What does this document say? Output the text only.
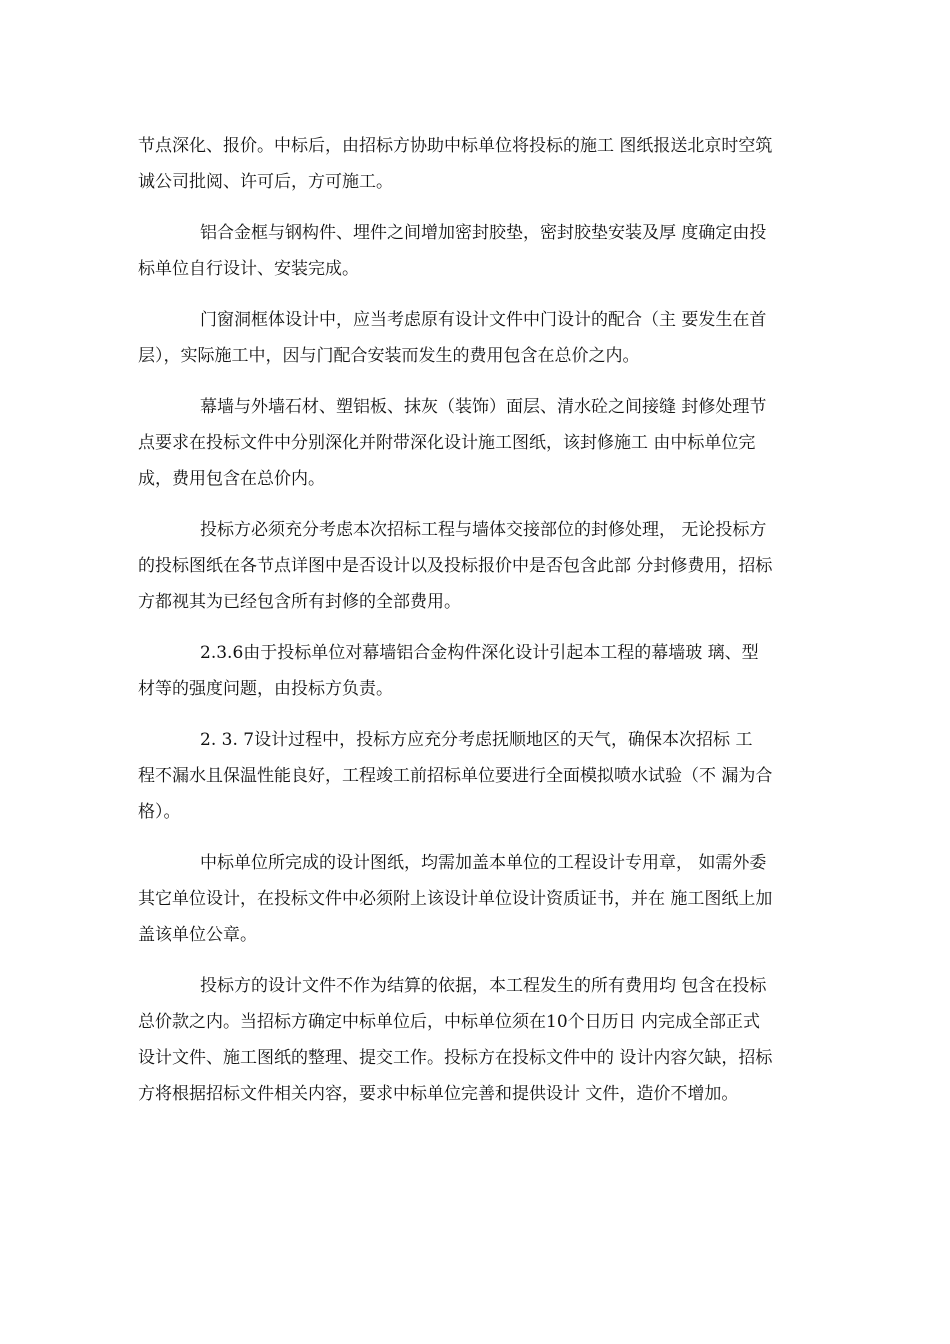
节点深化、报价。中标后，由招标方协助中标单位将投标的施工 图纸报送北京时空筑
诚公司批阅、许可后，方可施工。

铝合金框与钢构件、埋件之间增加密封胶垫，密封胶垫安装及厚 度确定由投
标单位自行设计、安装完成。

门窗洞框体设计中，应当考虑原有设计文件中门设计的配合（主 要发生在首
层），实际施工中，因与门配合安装而发生的费用包含在总价之内。

幕墙与外墙石材、塑铝板、抹灰（装饰）面层、清水砼之间接缝 封修处理节
点要求在投标文件中分别深化并附带深化设计施工图纸，该封修施工 由中标单位完
成，费用包含在总价内。

投标方必须充分考虑本次招标工程与墙体交接部位的封修处理， 无论投标方
的投标图纸在各节点详图中是否设计以及投标报价中是否包含此部 分封修费用，招标
方都视其为已经包含所有封修的全部费用。

2.3.6由于投标单位对幕墙铝合金构件深化设计引起本工程的幕墙玻 璃、型
材等的强度问题，由投标方负责。

2. 3. 7设计过程中，投标方应充分考虑抚顺地区的天气，确保本次招标 工
程不漏水且保温性能良好，工程竣工前招标单位要进行全面模拟喷水试验（不 漏为合
格）。

中标单位所完成的设计图纸，均需加盖本单位的工程设计专用章， 如需外委
其它单位设计，在投标文件中必须附上该设计单位设计资质证书，并在 施工图纸上加
盖该单位公章。

投标方的设计文件不作为结算的依据，本工程发生的所有费用均 包含在投标
总价款之内。当招标方确定中标单位后，中标单位须在10个日历日 内完成全部正式
设计文件、施工图纸的整理、提交工作。投标方在投标文件中的 设计内容欠缺，招标
方将根据招标文件相关内容，要求中标单位完善和提供设计 文件，造价不增加。
